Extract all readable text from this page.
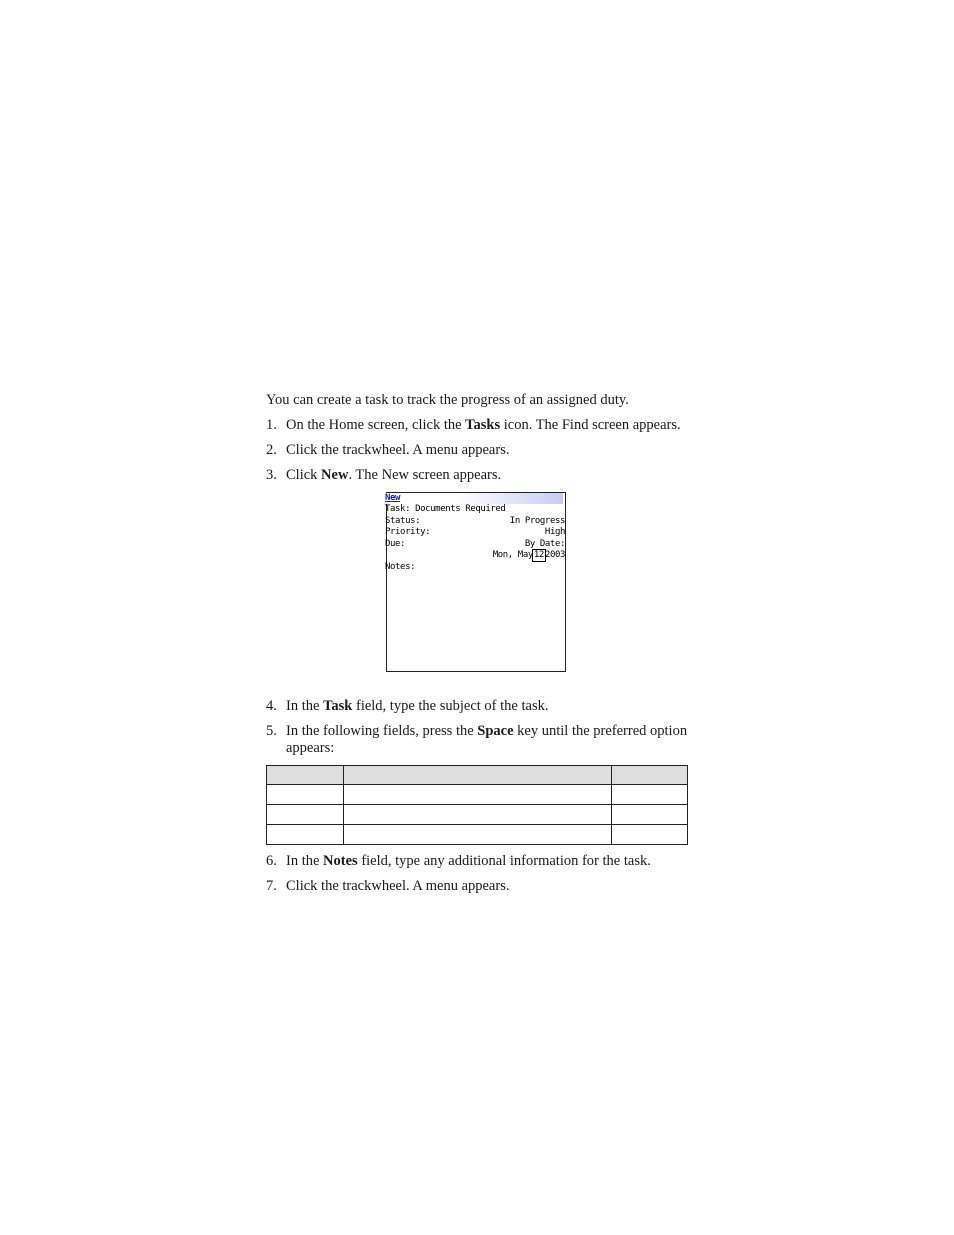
You can create a task to track the progress of an assigned duty.

1. On the Home screen, click the Tasks icon. The Find screen appears.
2. Click the trackwheel. A menu appears.
3. Click New. The New screen appears.
New
Task: Documents Required
Status:	In Progress
Priority:	High
Due:	By Date:
Mon, May122003
Notes:
4. In the Task field, type the subject of the task.
5. In the following fields, press the Space key until the preferred option appears:

6. In the Notes field, type any additional information for the task.
7. Click the trackwheel. A menu appears.
